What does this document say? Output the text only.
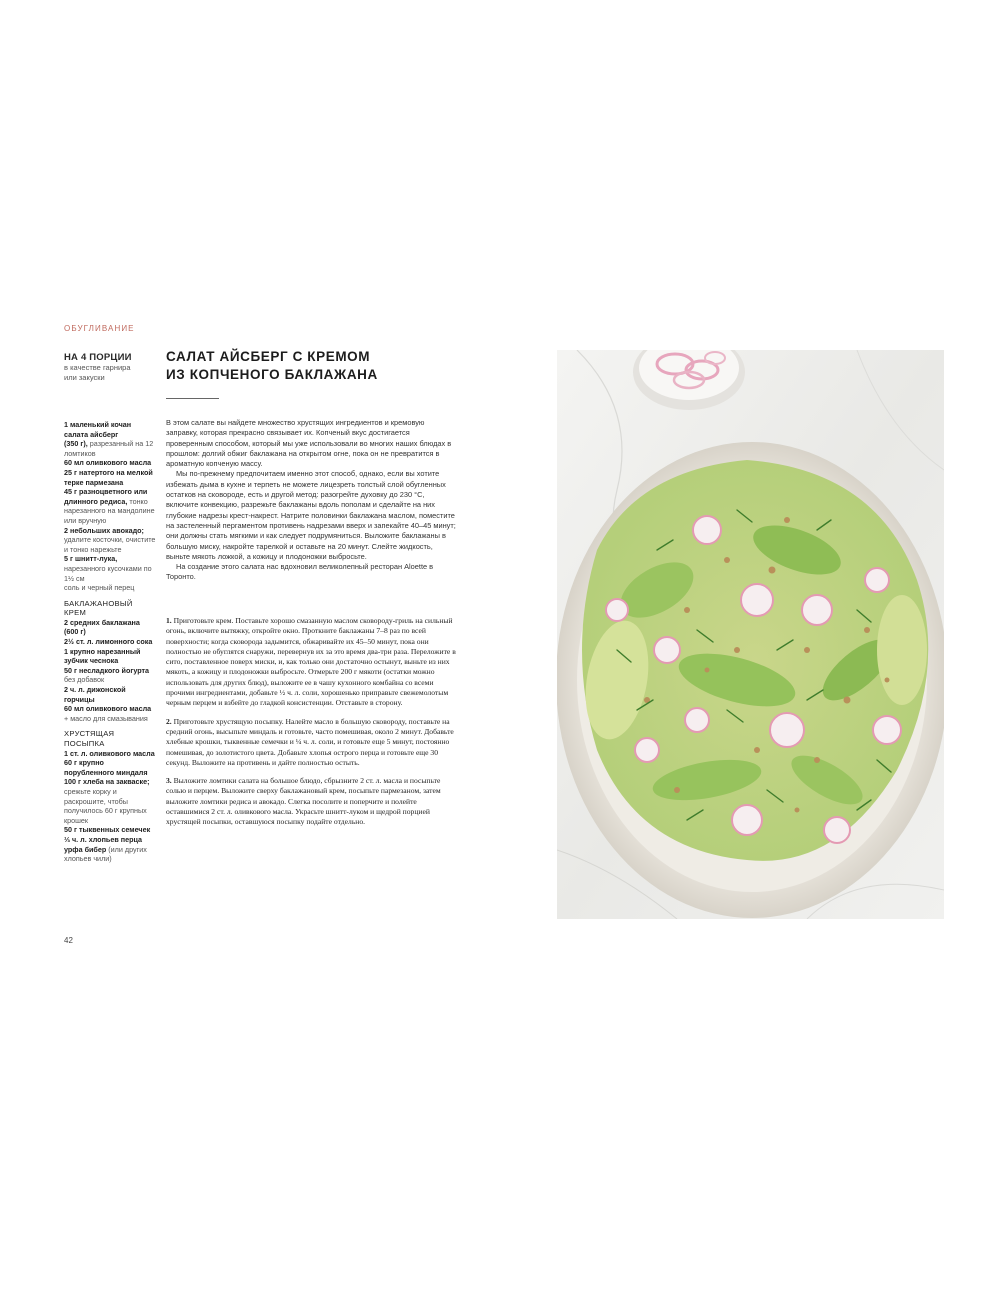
ОБУГЛИВАНИЕ
НА 4 ПОРЦИИ
в качестве гарнира
или закуски
1 маленький кочан салата айсберг
(350 г), разрезанный на 12 ломтиков
60 мл оливкового масла
25 г натертого на мелкой терке пармезана
45 г разноцветного или длинного редиса, тонко нарезанного на мандолине или вручную
2 небольших авокадо; удалите косточки, очистите и тонко нарежьте
5 г шнитт-лука, нарезанного кусочками по 1½ см
соль и черный перец
БАКЛАЖАНОВЫЙ КРЕМ
2 средних баклажана (600 г)
2½ ст. л. лимонного сока
1 крупно нарезанный зубчик чеснока
50 г несладкого йогурта без добавок
2 ч. л. дижонской горчицы
60 мл оливкового масла + масло для смазывания
ХРУСТЯЩАЯ ПОСЫПКА
1 ст. л. оливкового масла
60 г крупно порубленного миндаля
100 г хлеба на закваске; срежьте корку и раскрошите, чтобы получилось 60 г крупных крошек
50 г тыквенных семечек
⅓ ч. л. хлопьев перца урфа бибер (или других хлопьев чили)
САЛАТ АЙСБЕРГ С КРЕМОМ
ИЗ КОПЧЕНОГО БАКЛАЖАНА

В этом салате вы найдете множество хрустящих ингредиентов и кремовую заправку, которая прекрасно связывает их. Копченый вкус достигается проверенным способом, который мы уже использовали во многих наших блюдах в прошлом: долгий обжиг баклажана на открытом огне, пока он не превратится в ароматную копченую массу.

Мы по-прежнему предпочитаем именно этот способ, однако, если вы хотите избежать дыма в кухне и терпеть не можете лицезреть толстый слой обугленных остатков на сковороде, есть и другой метод: разогрейте духовку до 230 °C, включите конвекцию, разрежьте баклажаны вдоль пополам и сделайте на них глубокие надрезы крест-накрест. Натрите половинки баклажана маслом, поместите на застеленный пергаментом противень надрезами вверх и запекайте 40–45 минут; они должны стать мягкими и как следует подрумяниться. Выложите баклажаны в большую миску, накройте тарелкой и оставьте на 20 минут. Слейте жидкость, выньте мякоть ложкой, а кожицу и плодоножки выбросьте.

На создание этого салата нас вдохновил великолепный ресторан Aloette в Торонто.

1. Приготовьте крем. Поставьте хорошо смазанную маслом сковороду-гриль на сильный огонь, включите вытяжку, откройте окно. Проткните баклажаны 7–8 раз по всей поверхности; когда сковорода задымится, обжаривайте их 45–50 минут, пока они полностью не обуглятся снаружи, перевернув их за это время два-три раза. Переложите в сито, поставленное поверх миски, и, как только они достаточно остынут, выньте из них мякоть, а кожицу и плодоножки выбросьте. Отмерьте 200 г мякоти (остатки можно использовать для других блюд), выложите ее в чашу кухонного комбайна со всеми прочими ингредиентами, добавьте ½ ч. л. соли, хорошенько приправьте свежемолотым черным перцем и взбейте до гладкой консистенции. Отставьте в сторону.

2. Приготовьте хрустящую посыпку. Налейте масло в большую сковороду, поставьте на средний огонь, высыпьте миндаль и готовьте, часто помешивая, около 2 минут. Добавьте хлебные крошки, тыквенные семечки и ¼ ч. л. соли, и готовьте еще 5 минут, постоянно помешивая, до золотистого цвета. Добавьте хлопья острого перца и готовьте еще 30 секунд. Выложите на противень и дайте полностью остыть.

3. Выложите ломтики салата на большое блюдо, сбрызните 2 ст. л. масла и посыпьте солью и перцем. Выложите сверху баклажановый крем, посыпьте пармезаном, затем выложите ломтики редиса и авокадо. Слегка посолите и поперчите и полейте оставшимися 2 ст. л. оливкового масла. Украсьте шнитт-луком и щедрой порцией хрустящей посыпки, оставшуюся посыпку подайте отдельно.

42
